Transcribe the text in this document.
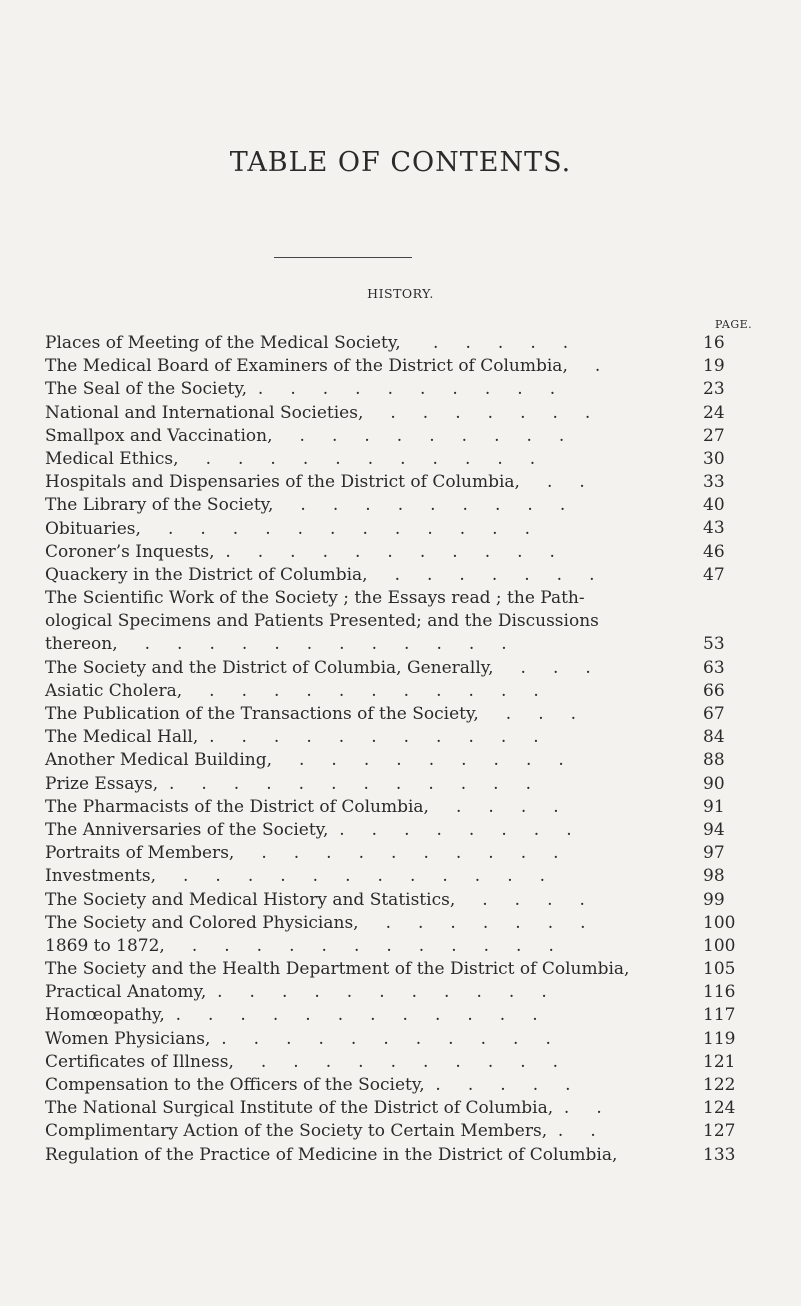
TABLE OF CONTENTS.
HISTORY.
PAGE.
Places of Meeting of the Medical Society,      .     .     .     .     .	16
The Medical Board of Examiners of the District of Columbia,     .	19
The Seal of the Society,  .     .     .     .     .     .     .     .     .     .	23
National and International Societies,     .     .     .     .     .     .     .	24
Smallpox and Vaccination,     .     .     .     .     .     .     .     .     .	27
Medical Ethics,     .     .     .     .     .     .     .     .     .     .     .	30
Hospitals and Dispensaries of the District of Columbia,     .     .	33
The Library of the Society,     .     .     .     .     .     .     .     .     .	40
Obituaries,     .     .     .     .     .     .     .     .     .     .     .     .	43
Coroner’s Inquests,  .     .     .     .     .     .     .     .     .     .     .	46
Quackery in the District of Columbia,     .     .     .     .     .     .     .	47
The Scientific Work of the Society ; the Essays read ; the Path-ological Specimens and Patients Presented; and the Discussions thereon,     .     .     .     .     .     .     .     .     .     .     .     .	53
The Society and the District of Columbia, Generally,     .     .     .	63
Asiatic Cholera,     .     .     .     .     .     .     .     .     .     .     .	66
The Publication of the Transactions of the Society,     .     .     .	67
The Medical Hall,  .     .     .     .     .     .     .     .     .     .     .	84
Another Medical Building,     .     .     .     .     .     .     .     .     .	88
Prize Essays,  .     .     .     .     .     .     .     .     .     .     .     .	90
The Pharmacists of the District of Columbia,     .     .     .     .	91
The Anniversaries of the Society,  .     .     .     .     .     .     .     .	94
Portraits of Members,     .     .     .     .     .     .     .     .     .     .	97
Investments,     .     .     .     .     .     .     .     .     .     .     .     .	98
The Society and Medical History and Statistics,     .     .     .     .	99
The Society and Colored Physicians,     .     .     .     .     .     .     .	100
1869 to 1872,     .     .     .     .     .     .     .     .     .     .     .     .	100
The Society and the Health Department of the District of Columbia,	105
Practical Anatomy,  .     .     .     .     .     .     .     .     .     .     .	116
Homœopathy,  .     .     .     .     .     .     .     .     .     .     .     .	117
Women Physicians,  .     .     .     .     .     .     .     .     .     .     .	119
Certificates of Illness,     .     .     .     .     .     .     .     .     .     .	121
Compensation to the Officers of the Society,  .     .     .     .     .	122
The National Surgical Institute of the District of Columbia,  .     .	124
Complimentary Action of the Society to Certain Members,  .     .	127
Regulation of the Practice of Medicine in the District of Columbia,	133
